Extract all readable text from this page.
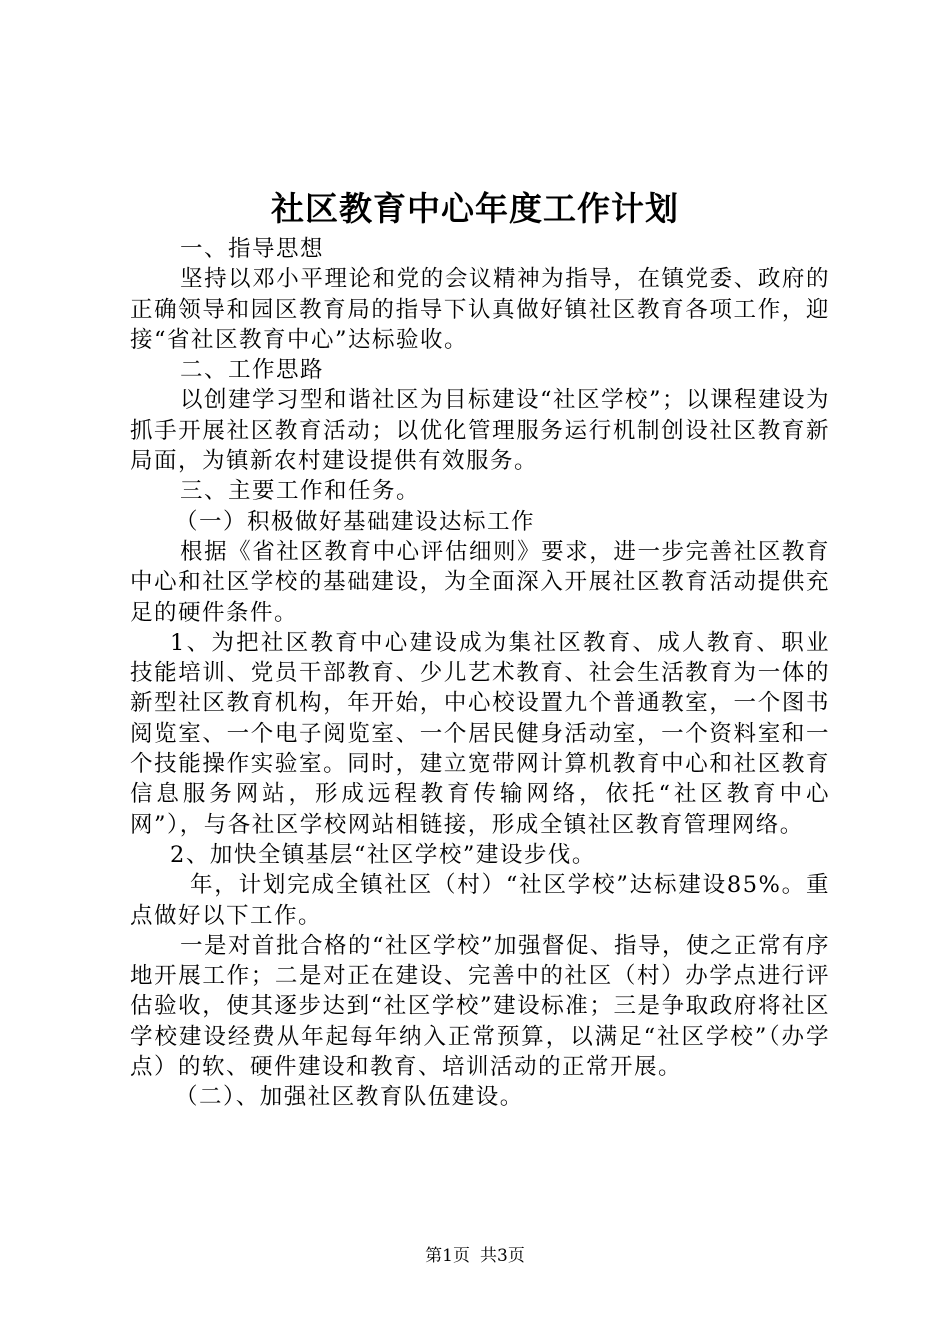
社区教育中心年度工作计划

一、指导思想

坚持以邓小平理论和党的会议精神为指导，在镇党委、政府的正确领导和园区教育局的指导下认真做好镇社区教育各项工作，迎接“省社区教育中心”达标验收。

二、工作思路

以创建学习型和谐社区为目标建设“社区学校”；以课程建设为抓手开展社区教育活动；以优化管理服务运行机制创设社区教育新局面，为镇新农村建设提供有效服务。

三、主要工作和任务。

（一）积极做好基础建设达标工作

根据《省社区教育中心评估细则》要求，进一步完善社区教育中心和社区学校的基础建设，为全面深入开展社区教育活动提供充足的硬件条件。

1、为把社区教育中心建设成为集社区教育、成人教育、职业技能培训、党员干部教育、少儿艺术教育、社会生活教育为一体的新型社区教育机构，年开始，中心校设置九个普通教室，一个图书阅览室、一个电子阅览室、一个居民健身活动室，一个资料室和一个技能操作实验室。同时，建立宽带网计算机教育中心和社区教育信息服务网站，形成远程教育传输网络，依托“社区教育中心网”），与各社区学校网站相链接，形成全镇社区教育管理网络。

2、加快全镇基层“社区学校”建设步伐。

年，计划完成全镇社区（村）“社区学校”达标建设85%。重点做好以下工作。

一是对首批合格的“社区学校”加强督促、指导，使之正常有序地开展工作；二是对正在建设、完善中的社区（村）办学点进行评估验收，使其逐步达到“社区学校”建设标准；三是争取政府将社区学校建设经费从年起每年纳入正常预算，以满足“社区学校”（办学点）的软、硬件建设和教育、培训活动的正常开展。

（二）、加强社区教育队伍建设。

第1页 共3页
